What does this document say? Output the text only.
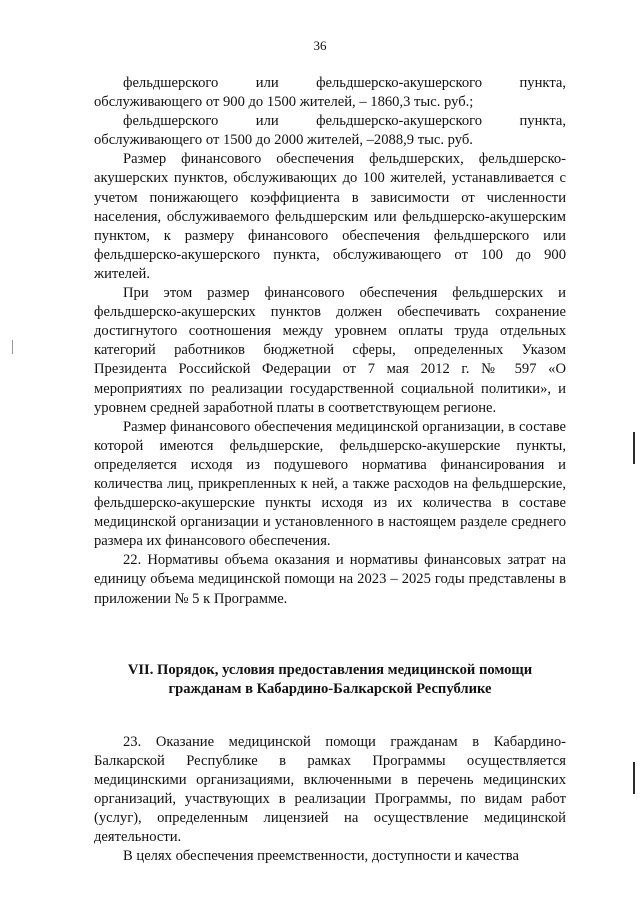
36

фельдшерского или фельдшерско-акушерского пункта, обслуживающего от 900 до 1500 жителей, – 1860,3 тыс. руб.;

фельдшерского или фельдшерско-акушерского пункта, обслуживающего от 1500 до 2000 жителей, –2088,9 тыс. руб.

Размер финансового обеспечения фельдшерских, фельдшерско-акушерских пунктов, обслуживающих до 100 жителей, устанавливается с учетом понижающего коэффициента в зависимости от численности населения, обслуживаемого фельдшерским или фельдшерско-акушерским пунктом, к размеру финансового обеспечения фельдшерского или фельдшерско-акушерского пункта, обслуживающего от 100 до 900 жителей.

При этом размер финансового обеспечения фельдшерских и фельдшерско-акушерских пунктов должен обеспечивать сохранение достигнутого соотношения между уровнем оплаты труда отдельных категорий работников бюджетной сферы, определенных Указом Президента Российской Федерации от 7 мая 2012 г. № 597 «О мероприятиях по реализации государственной социальной политики», и уровнем средней заработной платы в соответствующем регионе.

Размер финансового обеспечения медицинской организации, в составе которой имеются фельдшерские, фельдшерско-акушерские пункты, определяется исходя из подушевого норматива финансирования и количества лиц, прикрепленных к ней, а также расходов на фельдшерские, фельдшерско-акушерские пункты исходя из их количества в составе медицинской организации и установленного в настоящем разделе среднего размера их финансового обеспечения.

22. Нормативы объема оказания и нормативы финансовых затрат на единицу объема медицинской помощи на 2023 – 2025 годы представлены в приложении № 5 к Программе.

VII. Порядок, условия предоставления медицинской помощи
гражданам в Кабардино-Балкарской Республике

23. Оказание медицинской помощи гражданам в Кабардино-Балкарской Республике в рамках Программы осуществляется медицинскими организациями, включенными в перечень медицинских организаций, участвующих в реализации Программы, по видам работ (услуг), определенным лицензией на осуществление медицинской деятельности.

В целях обеспечения преемственности, доступности и качества
